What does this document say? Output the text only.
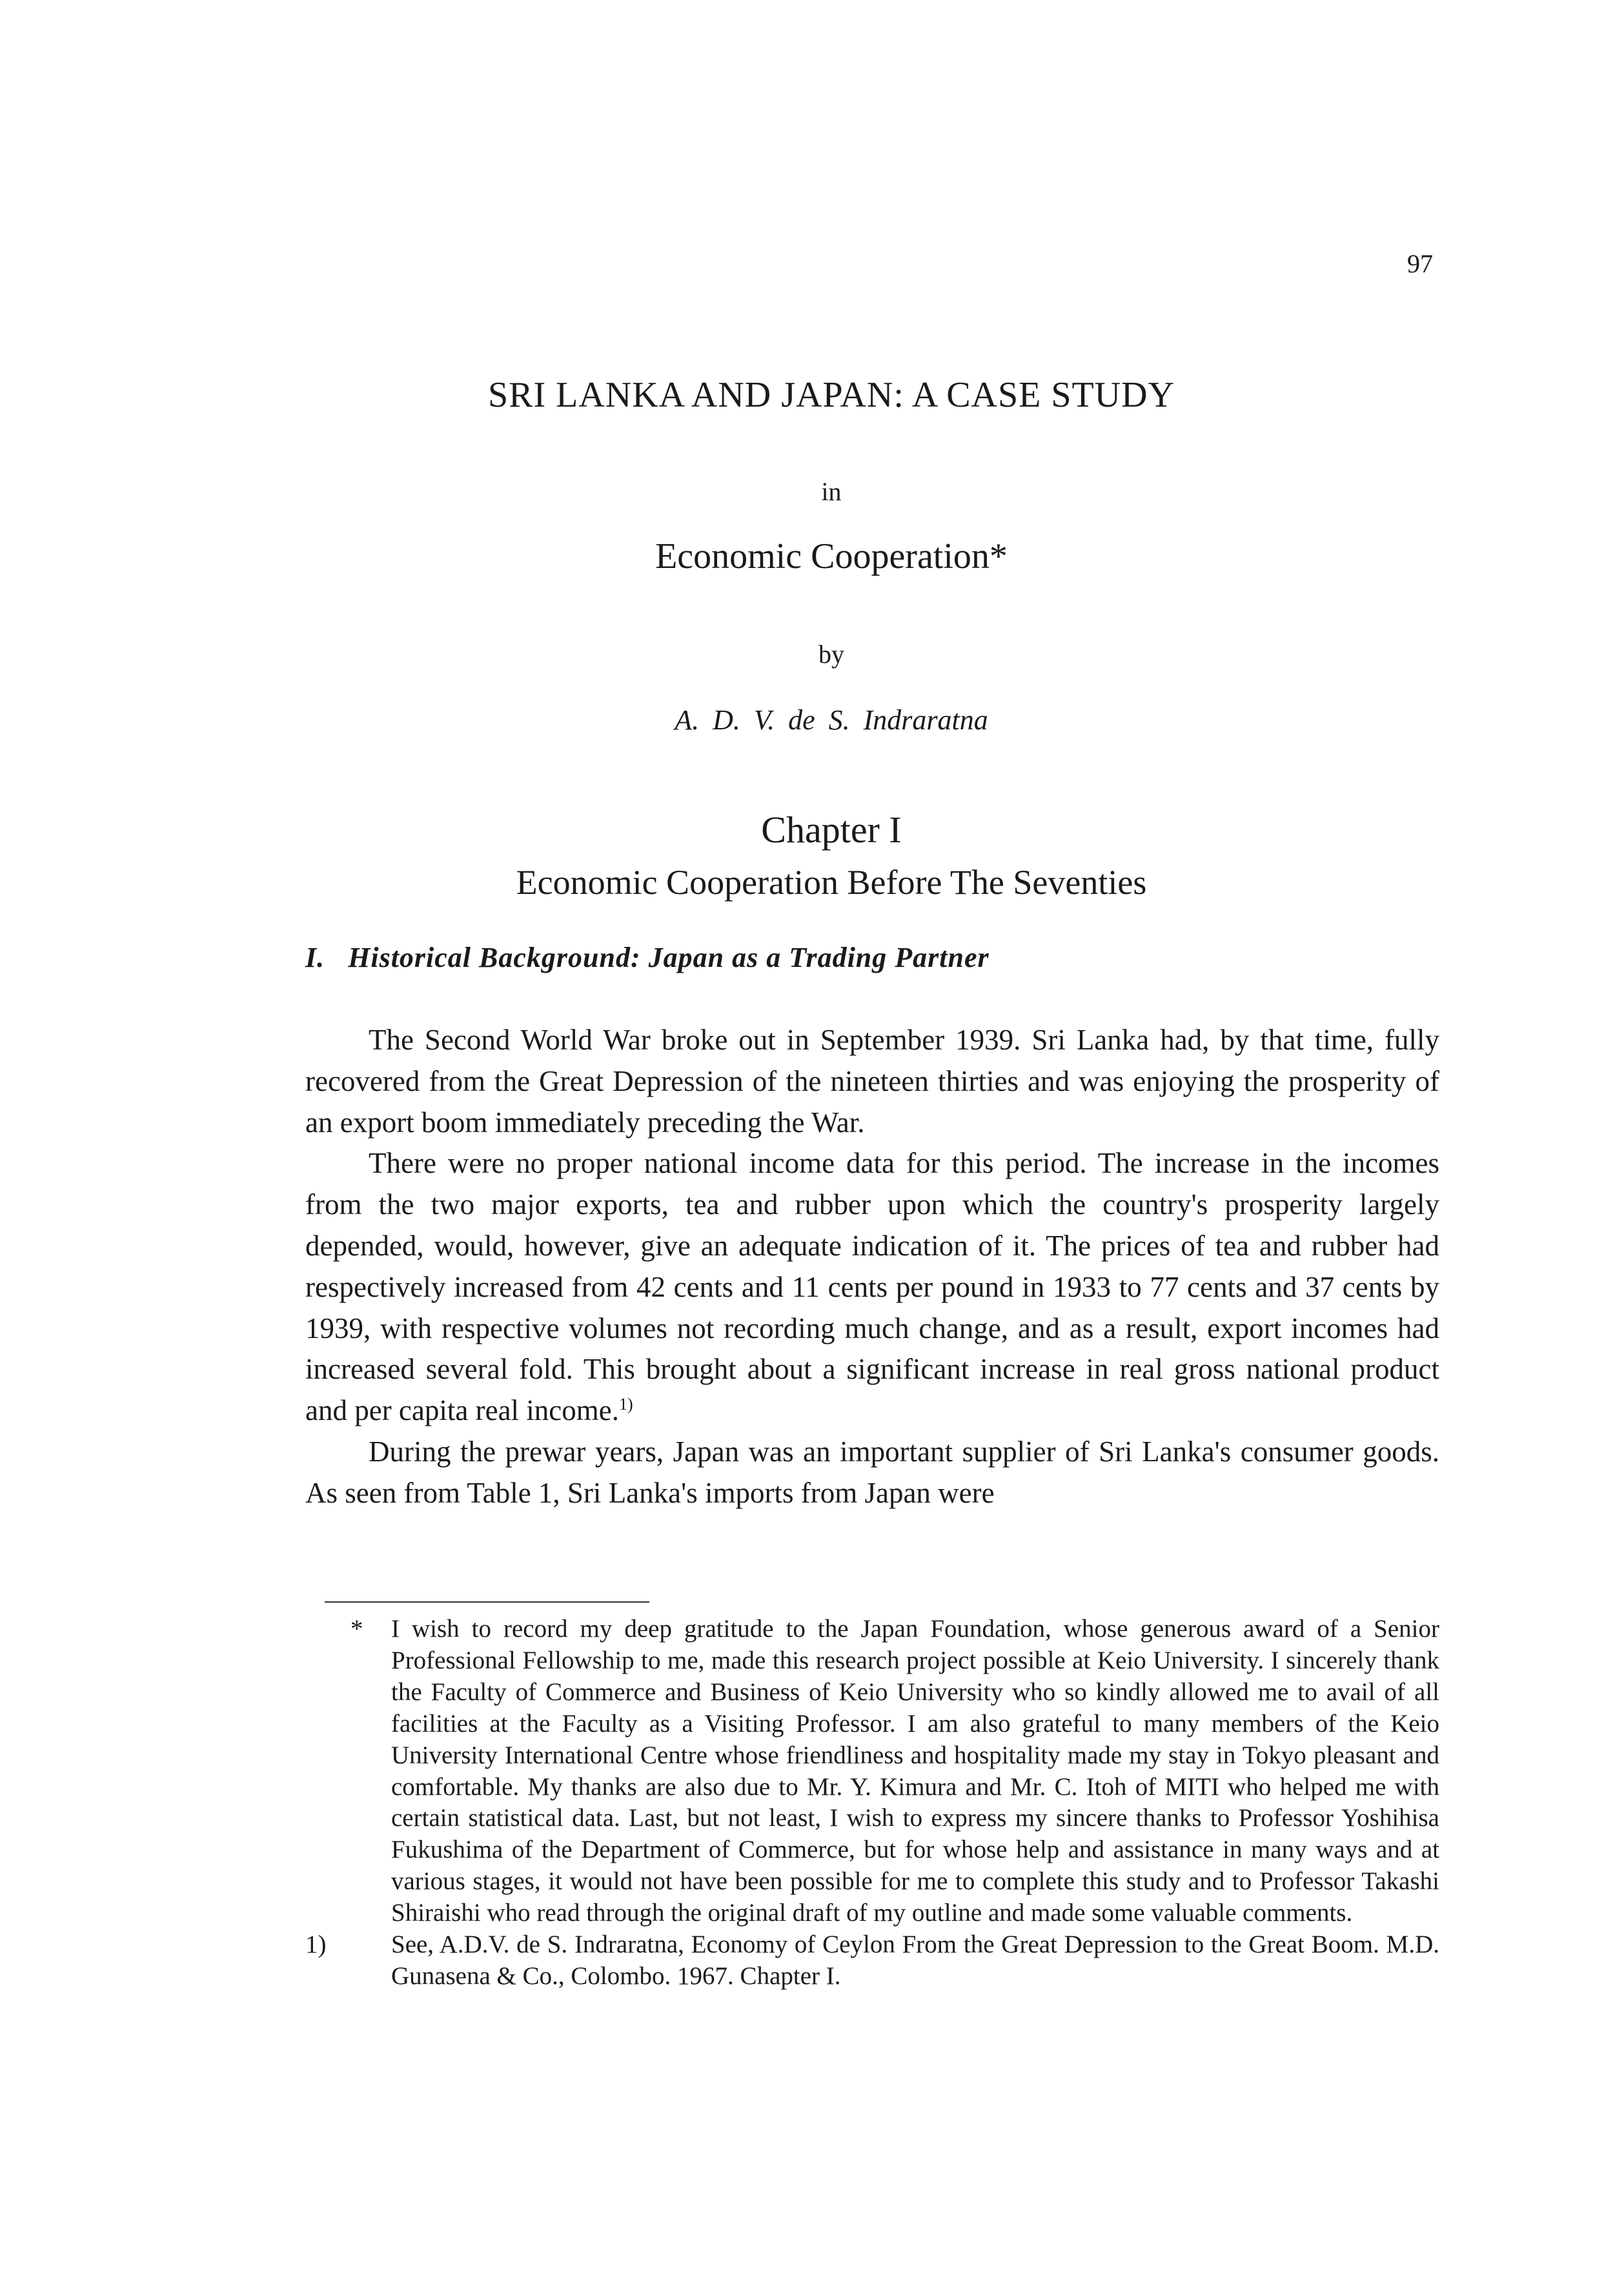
97
SRI LANKA AND JAPAN: A CASE STUDY
in
Economic Cooperation*
by
A. D. V. de S. Indraratna
Chapter I
Economic Cooperation Before The Seventies
I. Historical Background: Japan as a Trading Partner

The Second World War broke out in September 1939. Sri Lanka had, by that time, fully recovered from the Great Depression of the nineteen thirties and was enjoying the prosperity of an export boom immediately preceding the War.

There were no proper national income data for this period. The increase in the incomes from the two major exports, tea and rubber upon which the country's prosperity largely depended, would, however, give an adequate indication of it. The prices of tea and rubber had respectively increased from 42 cents and 11 cents per pound in 1933 to 77 cents and 37 cents by 1939, with respective volumes not recording much change, and as a result, export incomes had increased several fold. This brought about a significant increase in real gross national product and per capita real income.$^{1)}$

During the prewar years, Japan was an important supplier of Sri Lanka's consumer goods. As seen from Table 1, Sri Lanka's imports from Japan were

* I wish to record my deep gratitude to the Japan Foundation, whose generous award of a Senior Professional Fellowship to me, made this research project possible at Keio University. I sincerely thank the Faculty of Commerce and Business of Keio University who so kindly allowed me to avail of all facilities at the Faculty as a Visiting Professor. I am also grateful to many members of the Keio University International Centre whose friendliness and hospitality made my stay in Tokyo pleasant and comfortable. My thanks are also due to Mr. Y. Kimura and Mr. C. Itoh of MITI who helped me with certain statistical data. Last, but not least, I wish to express my sincere thanks to Professor Yoshihisa Fukushima of the Department of Commerce, but for whose help and assistance in many ways and at various stages, it would not have been possible for me to complete this study and to Professor Takashi Shiraishi who read through the original draft of my outline and made some valuable comments.
1)	See, A.D.V. de S. Indraratna, Economy of Ceylon From the Great Depression to the Great Boom. M.D. Gunasena & Co., Colombo. 1967. Chapter I.
